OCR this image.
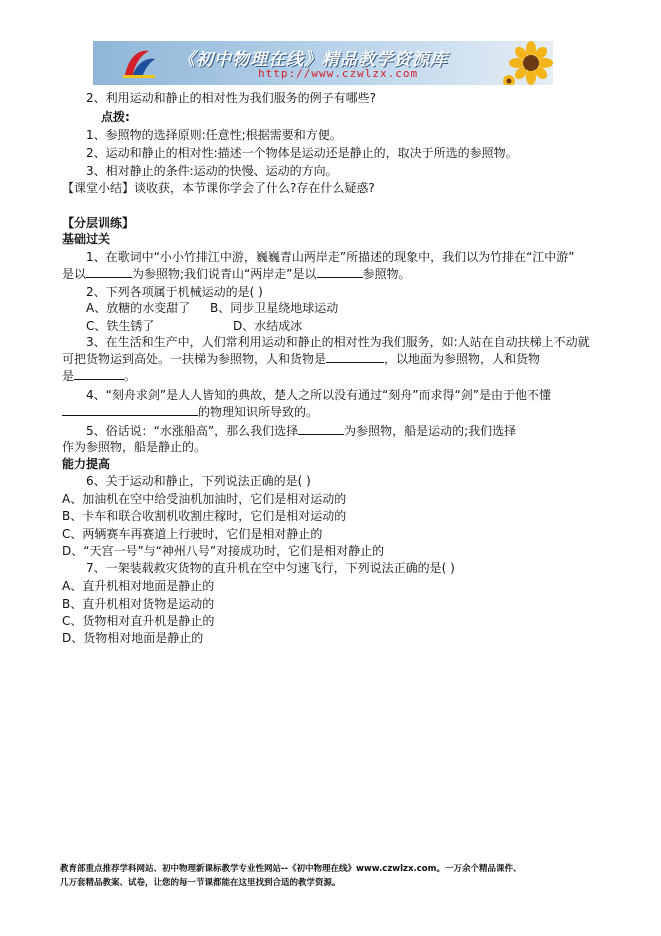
《初中物理在线》精品教学资源库
http://www.czwlzx.com
2、利用运动和静止的相对性为我们服务的例子有哪些?
点拨:
1、参照物的选择原则:任意性;根据需要和方便。
2、运动和静止的相对性:描述一个物体是运动还是静止的，取决于所选的参照物。
3、相对静止的条件:运动的快慢、运动的方向。
【课堂小结】谈收获，本节课你学会了什么?存在什么疑惑?
【分层训练】
基础过关
1、在歌词中“小小竹排江中游，巍巍青山两岸走”所描述的现象中，我们以为竹排在“江中游”
是以	为参照物;我们说青山“两岸走”是以	参照物。
2、下列各项属于机械运动的是( )
A、放糖的水变甜了 B、同步卫星绕地球运动
C、铁生锈了	D、水结成冰
3、在生活和生产中，人们常利用运动和静止的相对性为我们服务，如:人站在自动扶梯上不动就
可把货物运到高处。一扶梯为参照物，人和货物是	，以地面为参照物，人和货物
是	。
4、“刻舟求剑”是人人皆知的典故，楚人之所以没有通过“刻舟”而求得“剑”是由于他不懂
的物理知识所导致的。
5、俗话说：“水涨船高”，那么我们选择	为参照物，船是运动的;我们选择
作为参照物，船是静止的。
能力提高
6、关于运动和静止，下列说法正确的是( )
A、加油机在空中给受油机加油时，它们是相对运动的
B、卡车和联合收割机收割庄稼时，它们是相对运动的
C、两辆赛车再赛道上行驶时，它们是相对静止的
D、“天宫一号”与“神州八号”对接成功时，它们是相对静止的
7、一架装载救灾货物的直升机在空中匀速飞行，下列说法正确的是( )
A、直升机相对地面是静止的
B、直升机相对货物是运动的
C、货物相对直升机是静止的
D、货物相对地面是静止的
教育部重点推荐学科网站、初中物理新课标教学专业性网站--《初中物理在线》www.czwlzx.com。一万余个精品课件、
几万套精品教案、试卷，让您的每一节课都能在这里找到合适的教学资源。
